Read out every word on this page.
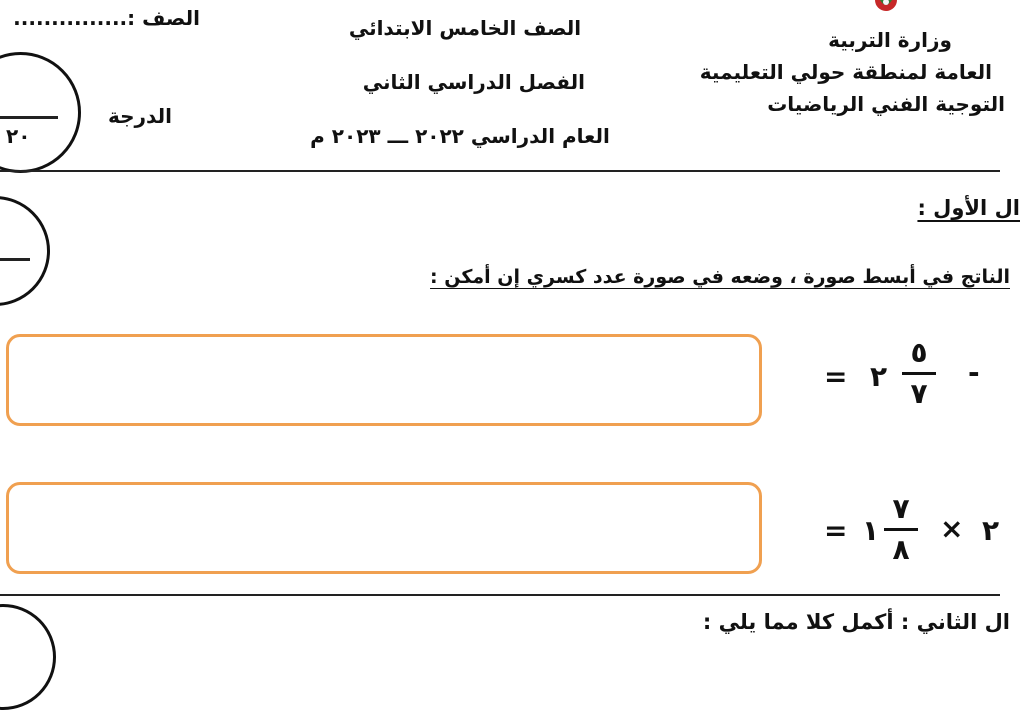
الصف :...............
٢٠
الدرجة
الصف الخامس الابتدائي
الفصل الدراسي الثاني
العام الدراسي ٢٠٢٢ ـــ ٢٠٢٣ م
وزارة التربية
العامة لمنطقة حولي التعليمية
التوجية الفني الرياضيات
ال الأول :
الناتج في أبسط صورة ، وضعه في صورة عدد كسري إن أمكن :
= ٢
٥
٧
-
= ١
٧
٨
× ٢
ال الثاني : أكمل كلا مما يلي :
